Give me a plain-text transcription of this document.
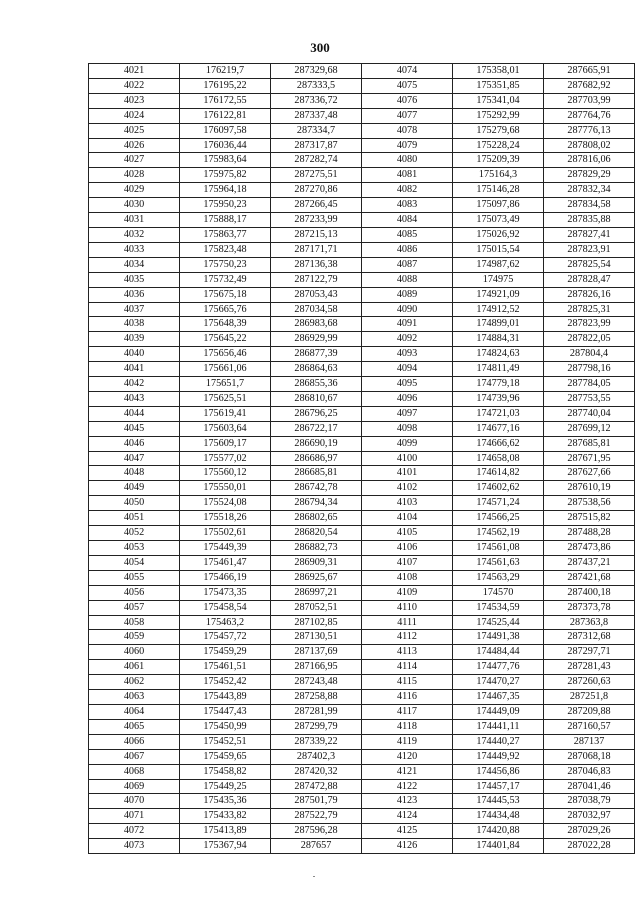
300
4021	176219,7	287329,68	4074	175358,01	287665,91
4022	176195,22	287333,5	4075	175351,85	287682,92
4023	176172,55	287336,72	4076	175341,04	287703,99
4024	176122,81	287337,48	4077	175292,99	287764,76
4025	176097,58	287334,7	4078	175279,68	287776,13
4026	176036,44	287317,87	4079	175228,24	287808,02
4027	175983,64	287282,74	4080	175209,39	287816,06
4028	175975,82	287275,51	4081	175164,3	287829,29
4029	175964,18	287270,86	4082	175146,28	287832,34
4030	175950,23	287266,45	4083	175097,86	287834,58
4031	175888,17	287233,99	4084	175073,49	287835,88
4032	175863,77	287215,13	4085	175026,92	287827,41
4033	175823,48	287171,71	4086	175015,54	287823,91
4034	175750,23	287136,38	4087	174987,62	287825,54
4035	175732,49	287122,79	4088	174975	287828,47
4036	175675,18	287053,43	4089	174921,09	287826,16
4037	175665,76	287034,58	4090	174912,52	287825,31
4038	175648,39	286983,68	4091	174899,01	287823,99
4039	175645,22	286929,99	4092	174884,31	287822,05
4040	175656,46	286877,39	4093	174824,63	287804,4
4041	175661,06	286864,63	4094	174811,49	287798,16
4042	175651,7	286855,36	4095	174779,18	287784,05
4043	175625,51	286810,67	4096	174739,96	287753,55
4044	175619,41	286796,25	4097	174721,03	287740,04
4045	175603,64	286722,17	4098	174677,16	287699,12
4046	175609,17	286690,19	4099	174666,62	287685,81
4047	175577,02	286686,97	4100	174658,08	287671,95
4048	175560,12	286685,81	4101	174614,82	287627,66
4049	175550,01	286742,78	4102	174602,62	287610,19
4050	175524,08	286794,34	4103	174571,24	287538,56
4051	175518,26	286802,65	4104	174566,25	287515,82
4052	175502,61	286820,54	4105	174562,19	287488,28
4053	175449,39	286882,73	4106	174561,08	287473,86
4054	175461,47	286909,31	4107	174561,63	287437,21
4055	175466,19	286925,67	4108	174563,29	287421,68
4056	175473,35	286997,21	4109	174570	287400,18
4057	175458,54	287052,51	4110	174534,59	287373,78
4058	175463,2	287102,85	4111	174525,44	287363,8
4059	175457,72	287130,51	4112	174491,38	287312,68
4060	175459,29	287137,69	4113	174484,44	287297,71
4061	175461,51	287166,95	4114	174477,76	287281,43
4062	175452,42	287243,48	4115	174470,27	287260,63
4063	175443,89	287258,88	4116	174467,35	287251,8
4064	175447,43	287281,99	4117	174449,09	287209,88
4065	175450,99	287299,79	4118	174441,11	287160,57
4066	175452,51	287339,22	4119	174440,27	287137
4067	175459,65	287402,3	4120	174449,92	287068,18
4068	175458,82	287420,32	4121	174456,86	287046,83
4069	175449,25	287472,88	4122	174457,17	287041,46
4070	175435,36	287501,79	4123	174445,53	287038,79
4071	175433,82	287522,79	4124	174434,48	287032,97
4072	175413,89	287596,28	4125	174420,88	287029,26
4073	175367,94	287657	4126	174401,84	287022,28
